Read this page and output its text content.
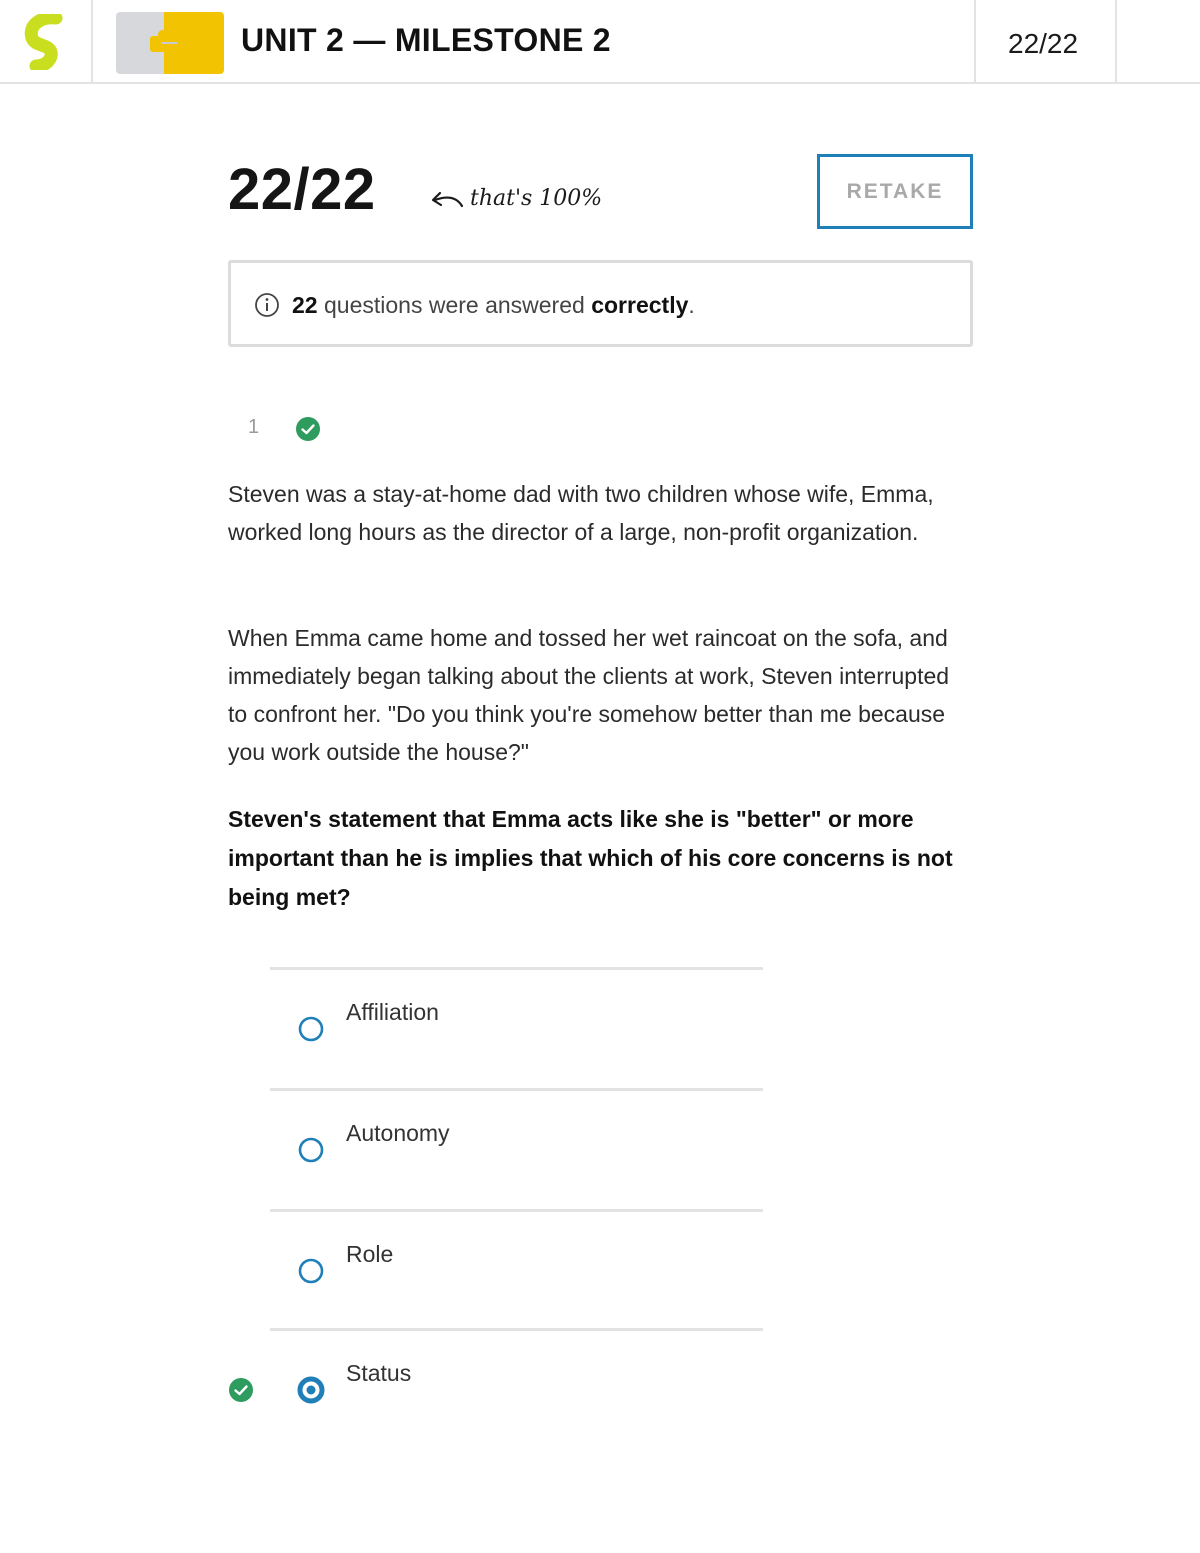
UNIT 2 — MILESTONE 2	22/22
22/22	that's 100%	RETAKE
22 questions were answered correctly.
1

Steven was a stay-at-home dad with two children whose wife, Emma, worked long hours as the director of a large, non-profit organization.

When Emma came home and tossed her wet raincoat on the sofa, and immediately began talking about the clients at work, Steven interrupted to confront her. "Do you think you're somehow better than me because you work outside the house?"

Steven's statement that Emma acts like she is "better" or more important than he is implies that which of his core concerns is not being met?

Affiliation
Autonomy
Role
Status
